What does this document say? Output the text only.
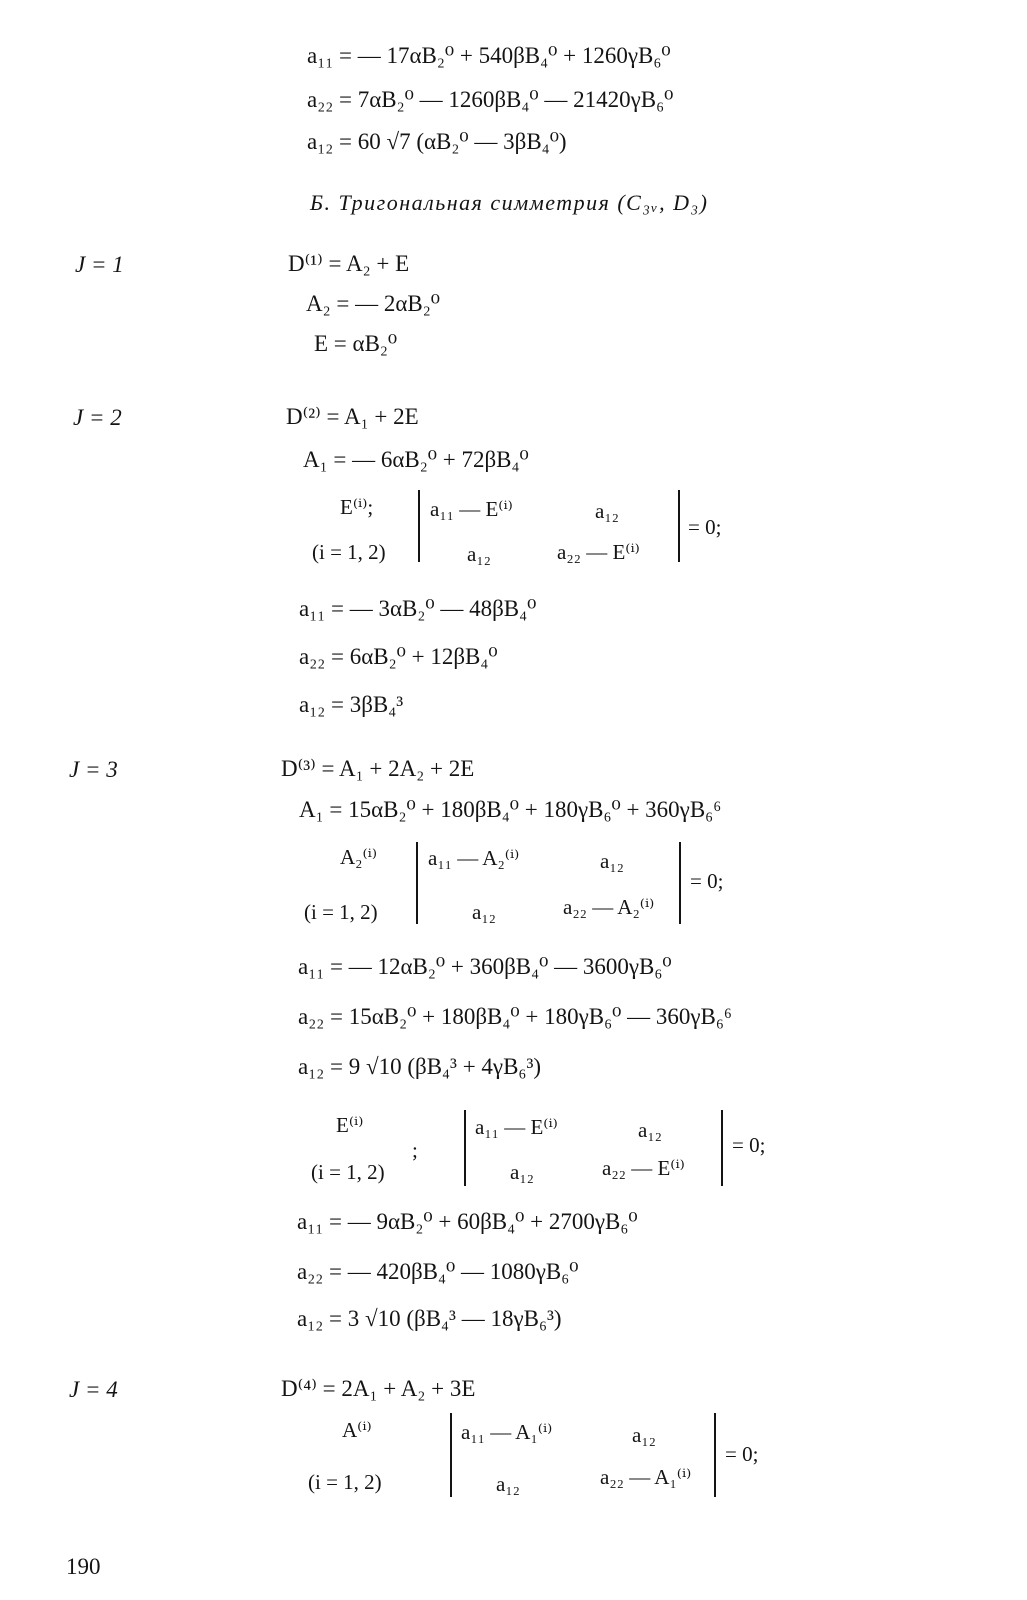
a₁₁ = — 17αB₂⁰ + 540βB₄⁰ + 1260γB₆⁰
a₂₂ = 7αB₂⁰ — 1260βB₄⁰ — 21420γB₆⁰
a₁₂ = 60 √7 (αB₂⁰ — 3βB₄⁰)
Б. Тригональная симметрия (C₃ᵥ, D₃)
J = 1	D⁽¹⁾ = A₂ + E
A₂ = — 2αB₂⁰
E = αB₂⁰
J = 2	D⁽²⁾ = A₁ + 2E
A₁ = — 6αB₂⁰ + 72βB₄⁰
E⁽ⁱ⁾;
(i = 1, 2)
a₁₁ — E⁽ⁱ⁾	a₁₂
a₁₂	a₂₂ — E⁽ⁱ⁾
= 0;
a₁₁ = — 3αB₂⁰ — 48βB₄⁰
a₂₂ = 6αB₂⁰ + 12βB₄⁰
a₁₂ = 3βB₄³
J = 3	D⁽³⁾ = A₁ + 2A₂ + 2E
A₁ = 15αB₂⁰ + 180βB₄⁰ + 180γB₆⁰ + 360γB₆⁶
A₂⁽ⁱ⁾
(i = 1, 2)
a₁₁ — A₂⁽ⁱ⁾	a₁₂
a₁₂	a₂₂ — A₂⁽ⁱ⁾
= 0;
a₁₁ = — 12αB₂⁰ + 360βB₄⁰ — 3600γB₆⁰
a₂₂ = 15αB₂⁰ + 180βB₄⁰ + 180γB₆⁰ — 360γB₆⁶
a₁₂ = 9 √10 (βB₄³ + 4γB₆³)
E⁽ⁱ⁾
;
(i = 1, 2)
a₁₁ — E⁽ⁱ⁾	a₁₂
a₁₂	a₂₂ — E⁽ⁱ⁾
= 0;
a₁₁ = — 9αB₂⁰ + 60βB₄⁰ + 2700γB₆⁰
a₂₂ = — 420βB₄⁰ — 1080γB₆⁰
a₁₂ = 3 √10 (βB₄³ — 18γB₆³)
J = 4	D⁽⁴⁾ = 2A₁ + A₂ + 3E
A⁽ⁱ⁾
(i = 1, 2)
a₁₁ — A₁⁽ⁱ⁾	a₁₂
a₁₂	a₂₂ — A₁⁽ⁱ⁾
= 0;
190
